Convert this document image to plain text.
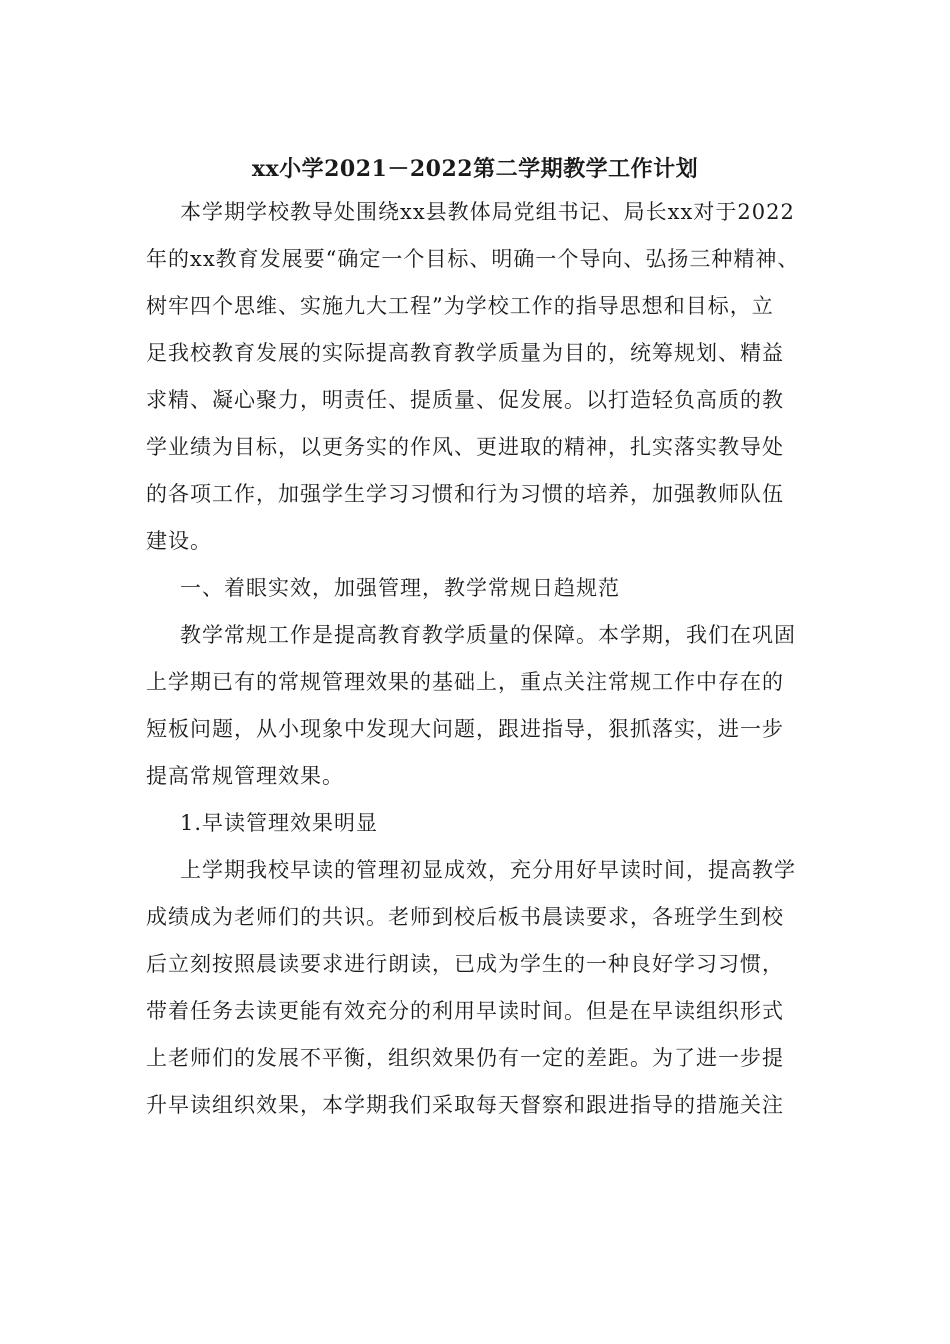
xx小学2021－2022第二学期教学工作计划
本学期学校教导处围绕xx县教体局党组书记、局长xx对于2022
年的xx教育发展要“确定一个目标、明确一个导向、弘扬三种精神、
树牢四个思维、实施九大工程”为学校工作的指导思想和目标，立
足我校教育发展的实际提高教育教学质量为目的，统筹规划、精益
求精、凝心聚力，明责任、提质量、促发展。以打造轻负高质的教
学业绩为目标，以更务实的作风、更进取的精神，扎实落实教导处
的各项工作，加强学生学习习惯和行为习惯的培养，加强教师队伍
建设。
一、着眼实效，加强管理，教学常规日趋规范
教学常规工作是提高教育教学质量的保障。本学期，我们在巩固
上学期已有的常规管理效果的基础上，重点关注常规工作中存在的
短板问题，从小现象中发现大问题，跟进指导，狠抓落实，进一步
提高常规管理效果。
1.早读管理效果明显
上学期我校早读的管理初显成效，充分用好早读时间，提高教学
成绩成为老师们的共识。老师到校后板书晨读要求，各班学生到校
后立刻按照晨读要求进行朗读，已成为学生的一种良好学习习惯，
带着任务去读更能有效充分的利用早读时间。但是在早读组织形式
上老师们的发展不平衡，组织效果仍有一定的差距。为了进一步提
升早读组织效果，本学期我们采取每天督察和跟进指导的措施关注
